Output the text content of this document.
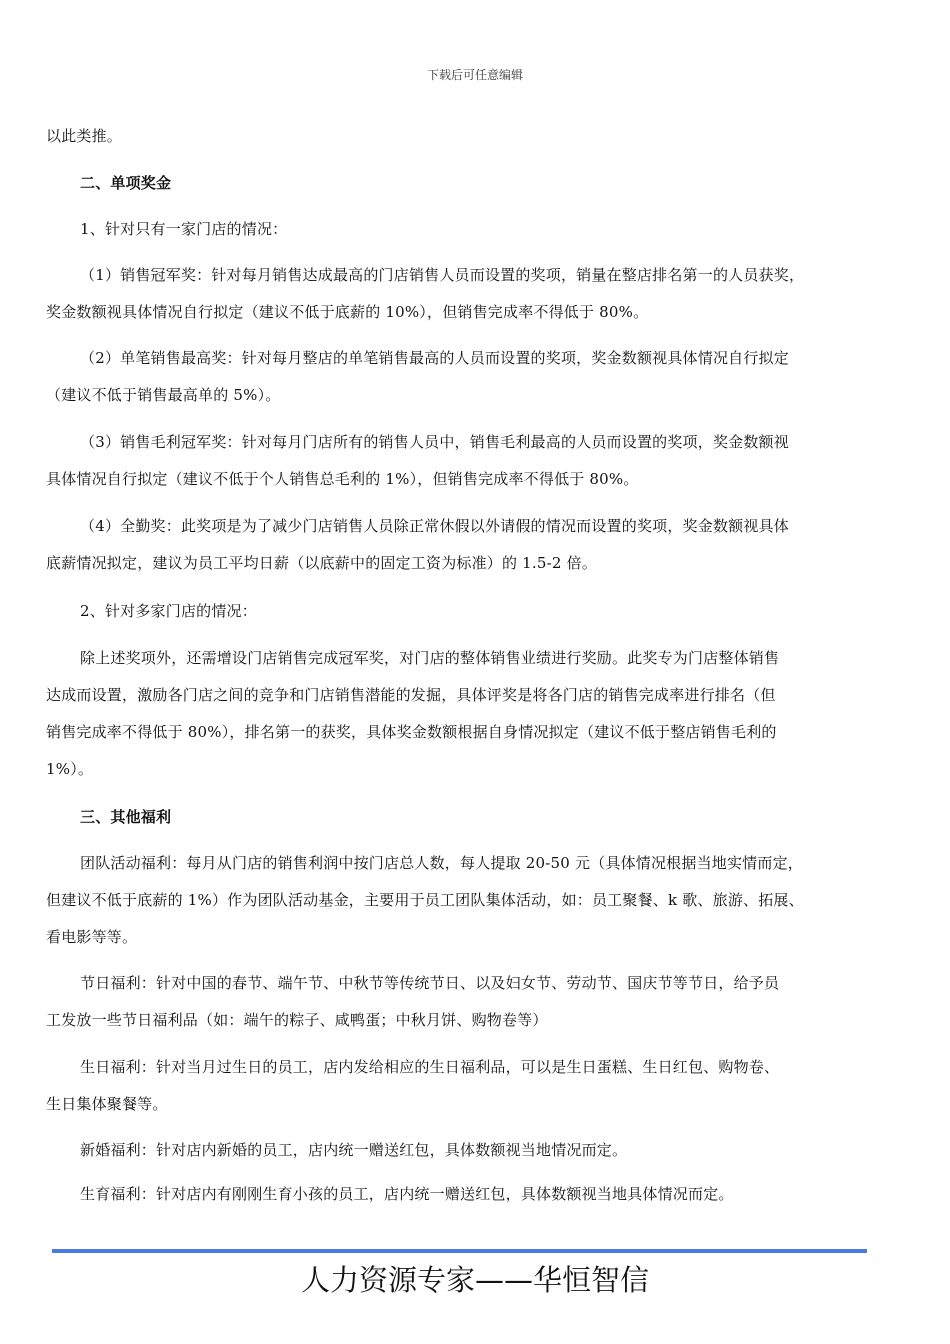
下载后可任意编辑
以此类推。
二、单项奖金
1、针对只有一家门店的情况：
（1）销售冠军奖：针对每月销售达成最高的门店销售人员而设置的奖项，销量在整店排名第一的人员获奖，
奖金数额视具体情况自行拟定（建议不低于底薪的 10%），但销售完成率不得低于 80%。
（2）单笔销售最高奖：针对每月整店的单笔销售最高的人员而设置的奖项，奖金数额视具体情况自行拟定
（建议不低于销售最高单的 5%）。
（3）销售毛利冠军奖：针对每月门店所有的销售人员中，销售毛利最高的人员而设置的奖项，奖金数额视
具体情况自行拟定（建议不低于个人销售总毛利的 1%），但销售完成率不得低于 80%。
（4）全勤奖：此奖项是为了减少门店销售人员除正常休假以外请假的情况而设置的奖项，奖金数额视具体
底薪情况拟定，建议为员工平均日薪（以底薪中的固定工资为标准）的 1.5-2 倍。
2、针对多家门店的情况：
除上述奖项外，还需增设门店销售完成冠军奖，对门店的整体销售业绩进行奖励。此奖专为门店整体销售
达成而设置，激励各门店之间的竞争和门店销售潜能的发掘，具体评奖是将各门店的销售完成率进行排名（但
销售完成率不得低于 80%），排名第一的获奖，具体奖金数额根据自身情况拟定（建议不低于整店销售毛利的
1%）。
三、其他福利
团队活动福利：每月从门店的销售利润中按门店总人数，每人提取 20-50 元（具体情况根据当地实情而定，
但建议不低于底薪的 1%）作为团队活动基金，主要用于员工团队集体活动，如：员工聚餐、k 歌、旅游、拓展、
看电影等等。
节日福利：针对中国的春节、端午节、中秋节等传统节日、以及妇女节、劳动节、国庆节等节日，给予员
工发放一些节日福利品（如：端午的粽子、咸鸭蛋；中秋月饼、购物卷等）
生日福利：针对当月过生日的员工，店内发给相应的生日福利品，可以是生日蛋糕、生日红包、购物卷、
生日集体聚餐等。
新婚福利：针对店内新婚的员工，店内统一赠送红包，具体数额视当地情况而定。
生育福利：针对店内有刚刚生育小孩的员工，店内统一赠送红包，具体数额视当地具体情况而定。
人力资源专家——华恒智信
